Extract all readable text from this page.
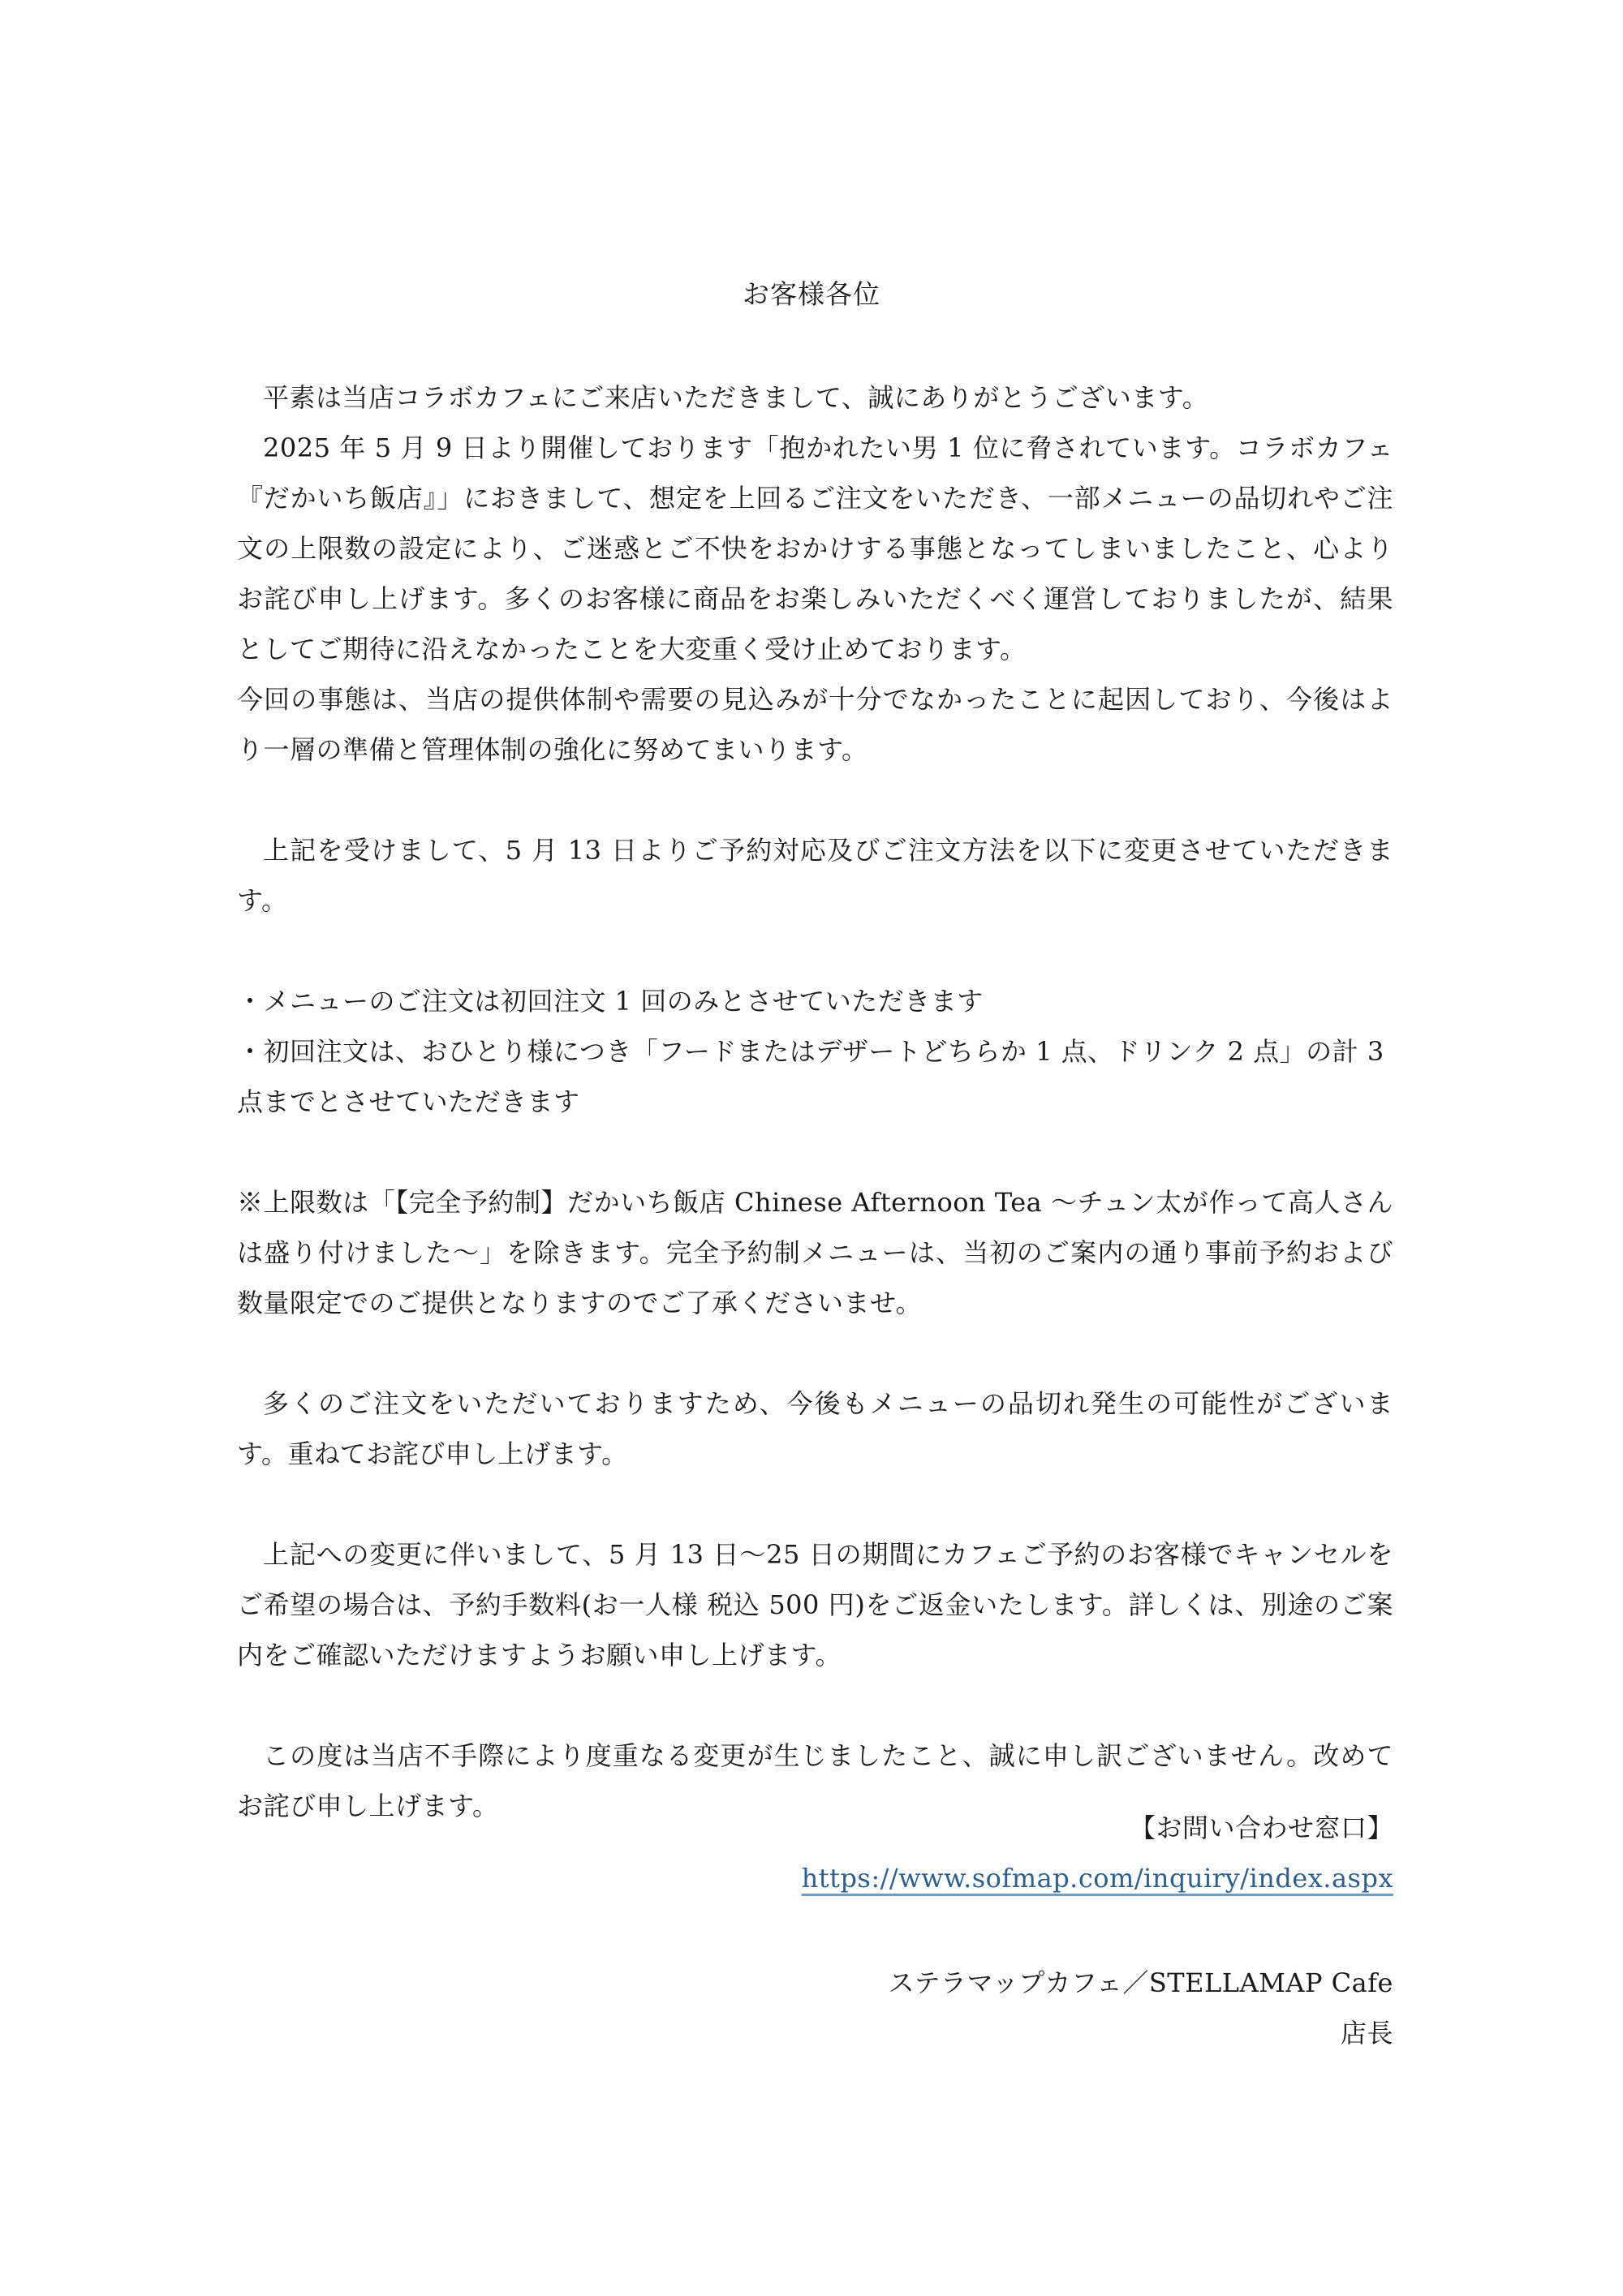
お客様各位

平素は当店コラボカフェにご来店いただきまして、誠にありがとうございます。

2025 年 5 月 9 日より開催しております「抱かれたい男 1 位に脅されています。コラボカフェ『だかいち飯店』」におきまして、想定を上回るご注文をいただき、一部メニューの品切れやご注文の上限数の設定により、ご迷惑とご不快をおかけする事態となってしまいましたこと、心よりお詫び申し上げます。多くのお客様に商品をお楽しみいただくべく運営しておりましたが、結果としてご期待に沿えなかったことを大変重く受け止めております。

今回の事態は、当店の提供体制や需要の見込みが十分でなかったことに起因しており、今後はより一層の準備と管理体制の強化に努めてまいります。

上記を受けまして、5 月 13 日よりご予約対応及びご注文方法を以下に変更させていただきます。

・メニューのご注文は初回注文 1 回のみとさせていただきます

・初回注文は、おひとり様につき「フードまたはデザートどちらか 1 点、ドリンク 2 点」の計 3 点までとさせていただきます

※上限数は「【完全予約制】だかいち飯店 Chinese Afternoon Tea ～チュン太が作って高人さんは盛り付けました～」を除きます。完全予約制メニューは、当初のご案内の通り事前予約および数量限定でのご提供となりますのでご了承くださいませ。

多くのご注文をいただいておりますため、今後もメニューの品切れ発生の可能性がございます。重ねてお詫び申し上げます。

上記への変更に伴いまして、5 月 13 日～25 日の期間にカフェご予約のお客様でキャンセルをご希望の場合は、予約手数料(お一人様 税込 500 円)をご返金いたします。詳しくは、別途のご案内をご確認いただけますようお願い申し上げます。

この度は当店不手際により度重なる変更が生じましたこと、誠に申し訳ございません。改めてお詫び申し上げます。

【お問い合わせ窓口】
https://www.sofmap.com/inquiry/index.aspx
ステラマップカフェ／STELLAMAP Cafe
店長
